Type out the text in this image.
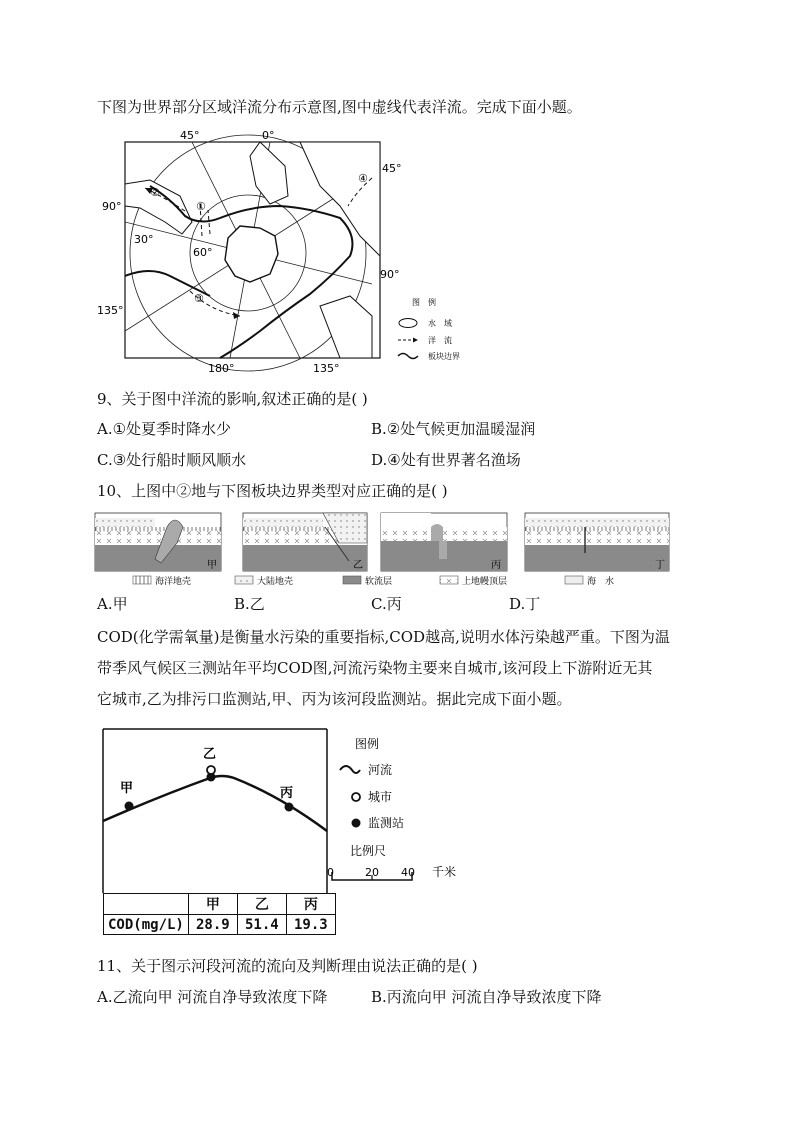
下图为世界部分区域洋流分布示意图,图中虚线代表洋流。完成下面小题。
45°	0°
45°
90°
90°
135°
180°	135°
30°
60°
①
②
③
④
图　例
水　域
洋　流
板块边界
9、关于图中洋流的影响,叙述正确的是( )
A.①处夏季时降水少	B.②处气候更加温暖湿润
C.③处行船时顺风顺水	D.④处有世界著名渔场
10、上图中②地与下图板块边界类型对应正确的是( )
甲	乙	丙	丁
海洋地壳	大陆地壳	软流层	上地幔顶层	海　水
A.甲	B.乙	C.丙	D.丁
COD(化学需氧量)是衡量水污染的重要指标,COD越高,说明水体污染越严重。下图为温
带季风气候区三测站年平均COD图,河流污染物主要来自城市,该河段上下游附近无其
它城市,乙为排污口监测站,甲、丙为该河段监测站。据此完成下面小题。
甲
乙
丙
图例
河流
城市
监测站
比例尺
0	20 40 千米
	甲	乙	丙
COD(mg/L)	28.9	51.4	19.3
11、关于图示河段河流的流向及判断理由说法正确的是( )
A.乙流向甲 河流自净导致浓度下降	B.丙流向甲 河流自净导致浓度下降
